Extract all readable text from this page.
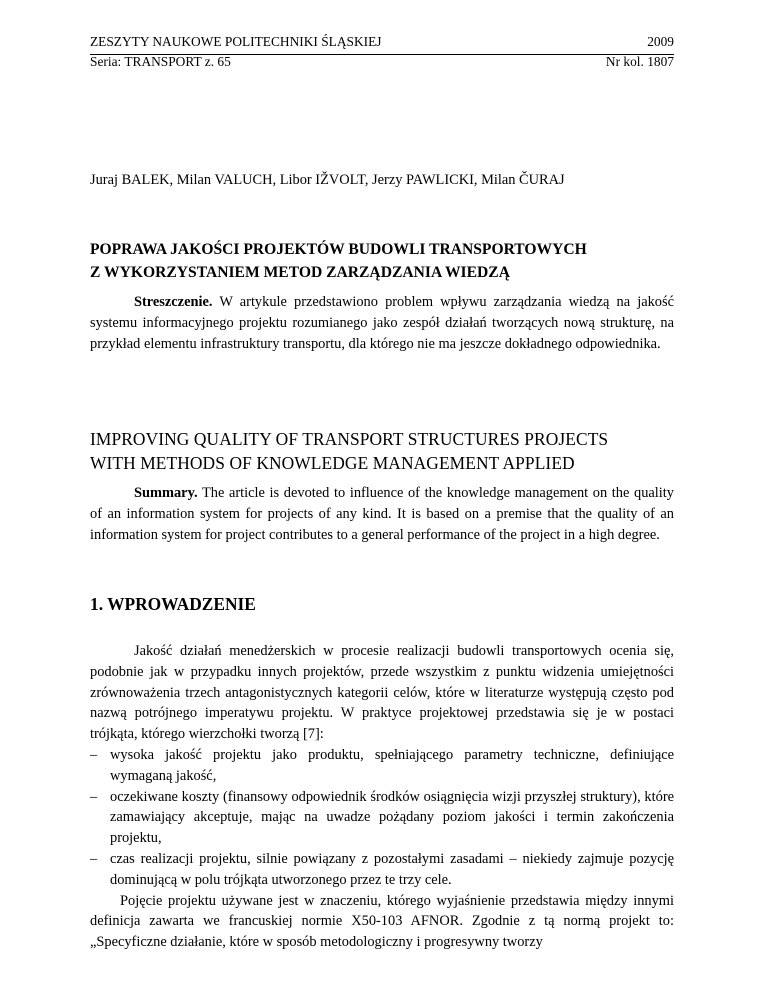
ZESZYTY NAUKOWE POLITECHNIKI ŚLĄSKIEJ	2009
Seria: TRANSPORT z. 65	Nr kol. 1807
Juraj BALEK, Milan VALUCH, Libor IŽVOLT, Jerzy PAWLICKI, Milan ČURAJ
POPRAWA JAKOŚCI PROJEKTÓW BUDOWLI TRANSPORTOWYCH
Z WYKORZYSTANIEM METOD ZARZĄDZANIA WIEDZĄ

Streszczenie. W artykule przedstawiono problem wpływu zarządzania wiedzą na jakość systemu informacyjnego projektu rozumianego jako zespół działań tworzących nową strukturę, na przykład elementu infrastruktury transportu, dla którego nie ma jeszcze dokładnego odpowiednika.

IMPROVING QUALITY OF TRANSPORT STRUCTURES PROJECTS
WITH METHODS OF KNOWLEDGE MANAGEMENT APPLIED

Summary. The article is devoted to influence of the knowledge management on the quality of an information system for projects of any kind. It is based on a premise that the quality of an information system for project contributes to a general performance of the project in a high degree.

1. WPROWADZENIE

Jakość działań menedżerskich w procesie realizacji budowli transportowych ocenia się, podobnie jak w przypadku innych projektów, przede wszystkim z punktu widzenia umiejętności zrównoważenia trzech antagonistycznych kategorii celów, które w literaturze występują często pod nazwą potrójnego imperatywu projektu. W praktyce projektowej przedstawia się je w postaci trójkąta, którego wierzchołki tworzą [7]:

– wysoka jakość projektu jako produktu, spełniającego parametry techniczne, definiujące wymaganą jakość,
– oczekiwane koszty (finansowy odpowiednik środków osiągnięcia wizji przyszłej struktury), które zamawiający akceptuje, mając na uwadze pożądany poziom jakości i termin zakończenia projektu,
– czas realizacji projektu, silnie powiązany z pozostałymi zasadami – niekiedy zajmuje pozycję dominującą w polu trójkąta utworzonego przez te trzy cele.

Pojęcie projektu używane jest w znaczeniu, którego wyjaśnienie przedstawia między innymi definicja zawarta we francuskiej normie X50-103 AFNOR. Zgodnie z tą normą projekt to: „Specyficzne działanie, które w sposób metodologiczny i progresywny tworzy
